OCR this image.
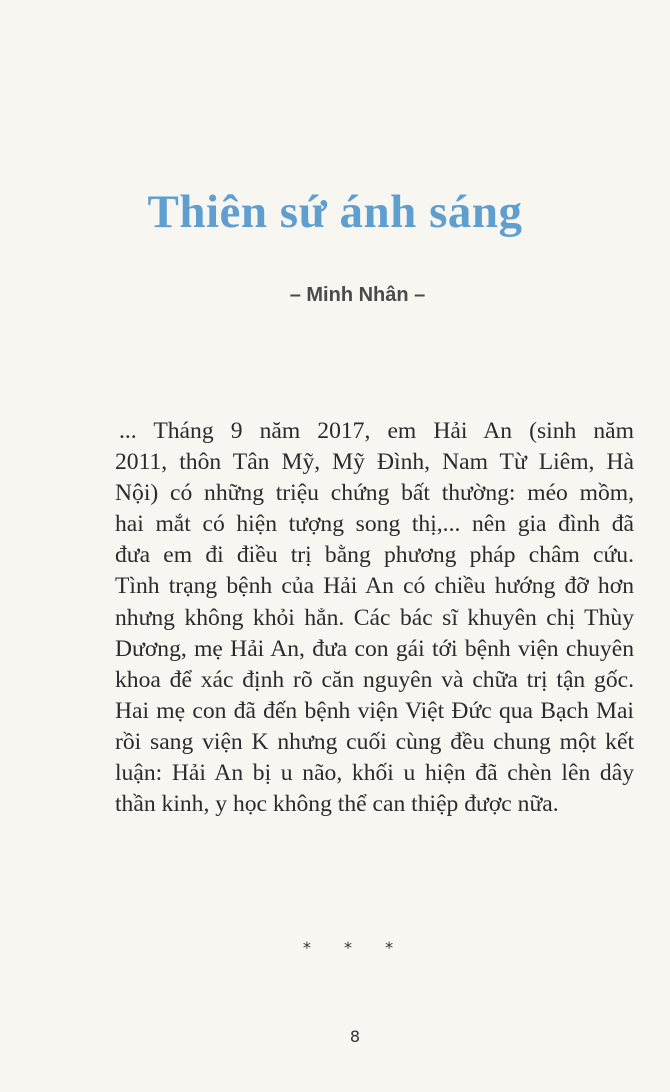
Thiên sứ ánh sáng
– Minh Nhân –
... Tháng 9 năm 2017, em Hải An (sinh năm
2011, thôn Tân Mỹ, Mỹ Đình, Nam Từ Liêm, Hà
Nội) có những triệu chứng bất thường: méo mồm,
hai mắt có hiện tượng song thị,... nên gia đình đã
đưa em đi điều trị bằng phương pháp châm cứu.
Tình trạng bệnh của Hải An có chiều hướng đỡ hơn
nhưng không khỏi hẳn. Các bác sĩ khuyên chị Thùy
Dương, mẹ Hải An, đưa con gái tới bệnh viện chuyên
khoa để xác định rõ căn nguyên và chữa trị tận gốc.
Hai mẹ con đã đến bệnh viện Việt Đức qua Bạch Mai
rồi sang viện K nhưng cuối cùng đều chung một kết
luận: Hải An bị u não, khối u hiện đã chèn lên dây
thần kinh, y học không thể can thiệp được nữa.
* * *
8
